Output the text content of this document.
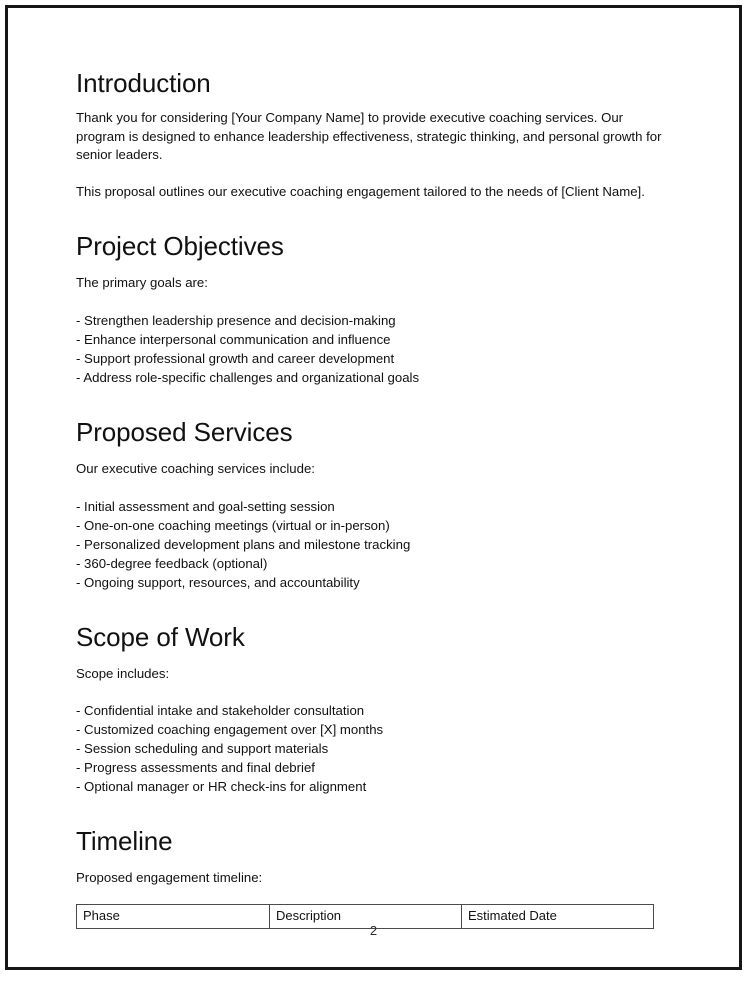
Introduction

Thank you for considering [Your Company Name] to provide executive coaching services. Our program is designed to enhance leadership effectiveness, strategic thinking, and personal growth for senior leaders.

This proposal outlines our executive coaching engagement tailored to the needs of [Client Name].

Project Objectives

The primary goals are:

- Strengthen leadership presence and decision-making
- Enhance interpersonal communication and influence
- Support professional growth and career development
- Address role-specific challenges and organizational goals
Proposed Services

Our executive coaching services include:

- Initial assessment and goal-setting session
- One-on-one coaching meetings (virtual or in-person)
- Personalized development plans and milestone tracking
- 360-degree feedback (optional)
- Ongoing support, resources, and accountability
Scope of Work

Scope includes:

- Confidential intake and stakeholder consultation
- Customized coaching engagement over [X] months
- Session scheduling and support materials
- Progress assessments and final debrief
- Optional manager or HR check-ins for alignment
Timeline

Proposed engagement timeline:

Phase	Description	Estimated Date
2
